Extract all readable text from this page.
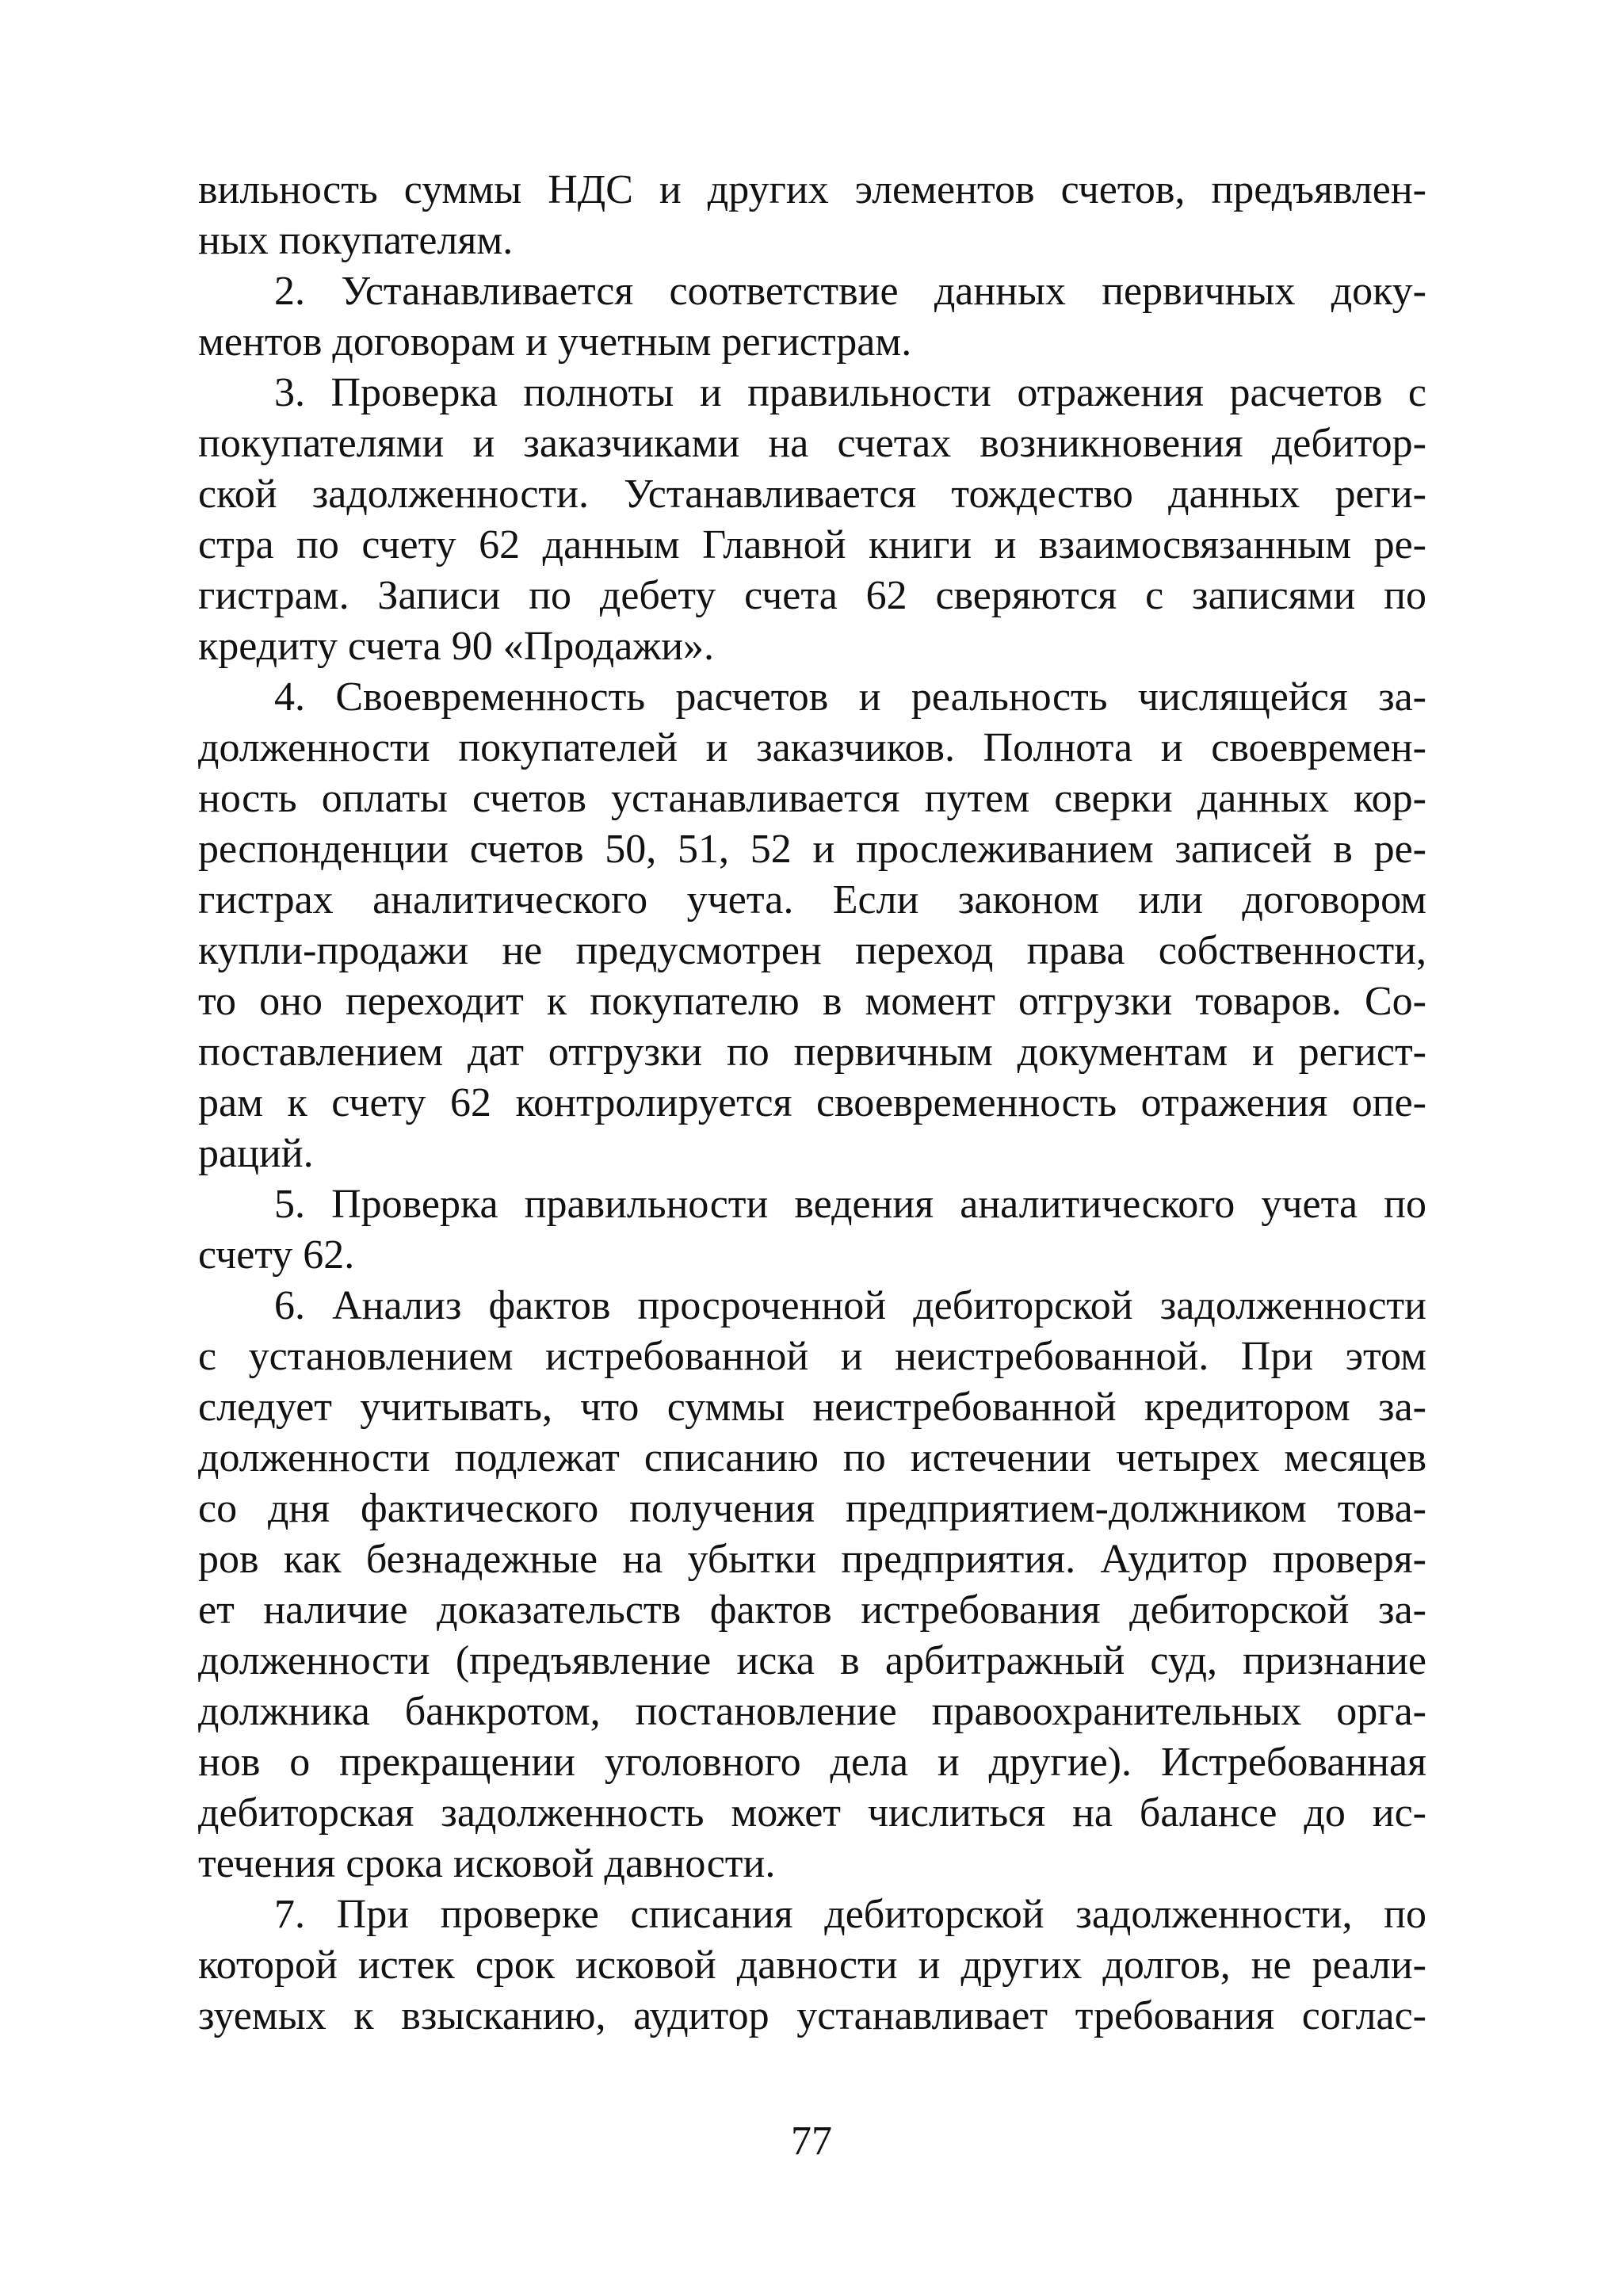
вильность суммы НДС и других элементов счетов, предъявлен-
ных покупателям.

2. Устанавливается соответствие данных первичных доку-
ментов договорам и учетным регистрам.

3. Проверка полноты и правильности отражения расчетов с
покупателями и заказчиками на счетах возникновения дебитор-
ской задолженности. Устанавливается тождество данных реги-
стра по счету 62 данным Главной книги и взаимосвязанным ре-
гистрам. Записи по дебету счета 62 сверяются с записями по
кредиту счета 90 «Продажи».

4. Своевременность расчетов и реальность числящейся за-
долженности покупателей и заказчиков. Полнота и своевремен-
ность оплаты счетов устанавливается путем сверки данных кор-
респонденции счетов 50, 51, 52 и прослеживанием записей в ре-
гистрах аналитического учета. Если законом или договором
купли-продажи не предусмотрен переход права собственности,
то оно переходит к покупателю в момент отгрузки товаров. Со-
поставлением дат отгрузки по первичным документам и регист-
рам к счету 62 контролируется своевременность отражения опе-
раций.

5. Проверка правильности ведения аналитического учета по
счету 62.

6. Анализ фактов просроченной дебиторской задолженности
с установлением истребованной и неистребованной. При этом
следует учитывать, что суммы неистребованной кредитором за-
долженности подлежат списанию по истечении четырех месяцев
со дня фактического получения предприятием-должником това-
ров как безнадежные на убытки предприятия. Аудитор проверя-
ет наличие доказательств фактов истребования дебиторской за-
долженности (предъявление иска в арбитражный суд, признание
должника банкротом, постановление правоохранительных орга-
нов о прекращении уголовного дела и другие). Истребованная
дебиторская задолженность может числиться на балансе до ис-
течения срока исковой давности.

7. При проверке списания дебиторской задолженности, по
которой истек срок исковой давности и других долгов, не реали-
зуемых к взысканию, аудитор устанавливает требования соглас-

77
